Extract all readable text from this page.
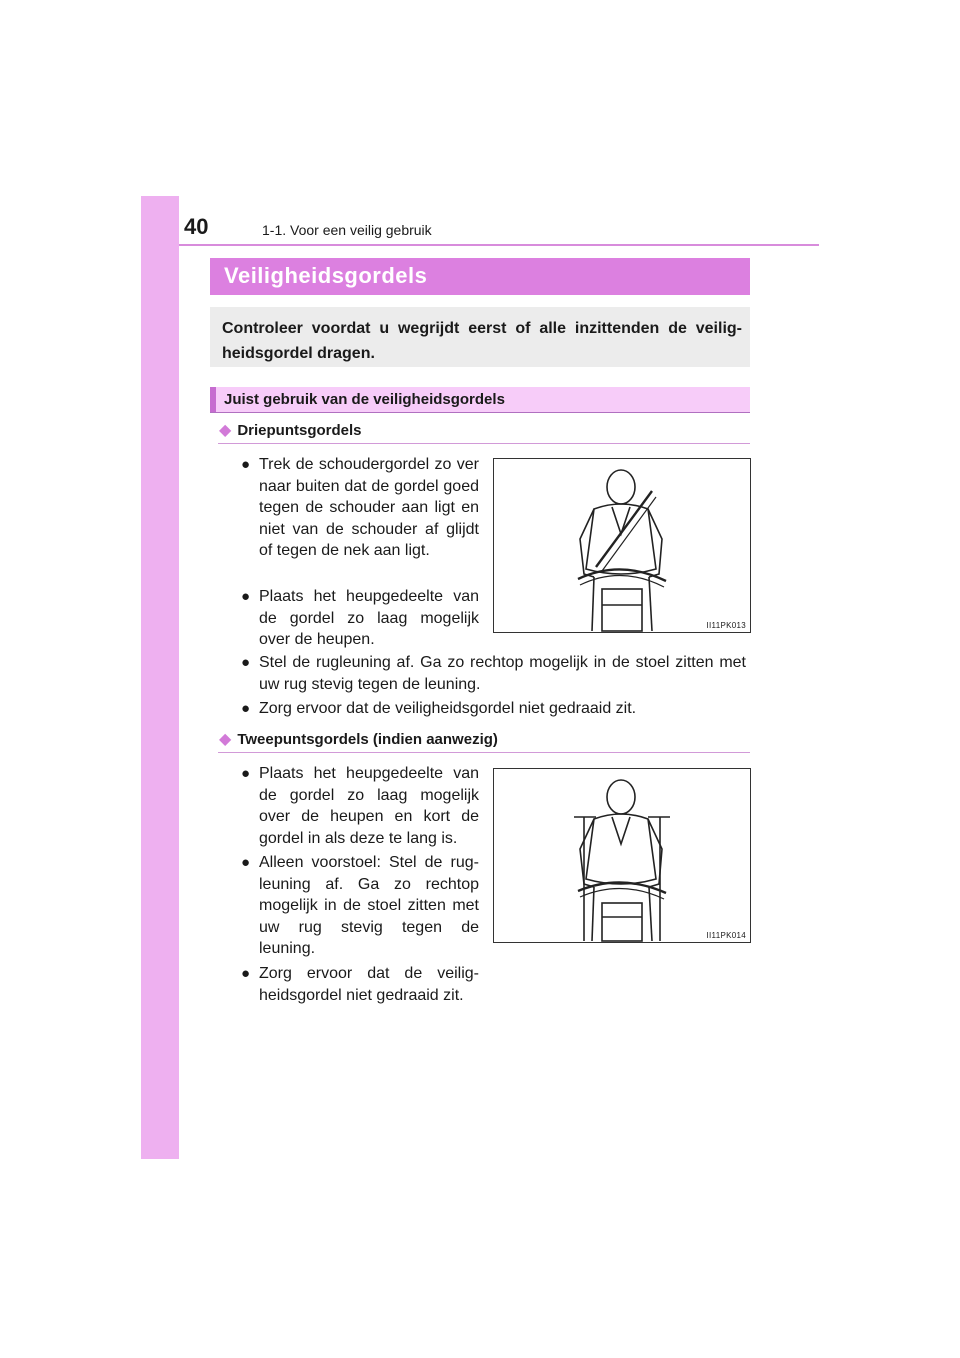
40	1-1. Voor een veilig gebruik
Veiligheidsgordels
Controleer voordat u wegrijdt eerst of alle inzittenden de veilig-heidsgordel dragen.
Juist gebruik van de veiligheidsgordels
◆ Driepuntsgordels
● Trek de schoudergordel zo ver naar buiten dat de gordel goed tegen de schouder aan ligt en niet van de schouder af glijdt of tegen de nek aan ligt.
● Plaats het heupgedeelte van de gordel zo laag mogelijk over de heupen.
● Stel de rugleuning af. Ga zo rechtop mogelijk in de stoel zitten met uw rug stevig tegen de leuning.
● Zorg ervoor dat de veiligheidsgordel niet gedraaid zit.
II11PK013
◆ Tweepuntsgordels (indien aanwezig)
● Plaats het heupgedeelte van de gordel zo laag mogelijk over de heupen en kort de gordel in als deze te lang is.
● Alleen voorstoel: Stel de rug-leuning af. Ga zo rechtop mogelijk in de stoel zitten met uw rug stevig tegen de leuning.
● Zorg ervoor dat de veilig-heidsgordel niet gedraaid zit.
II11PK014
